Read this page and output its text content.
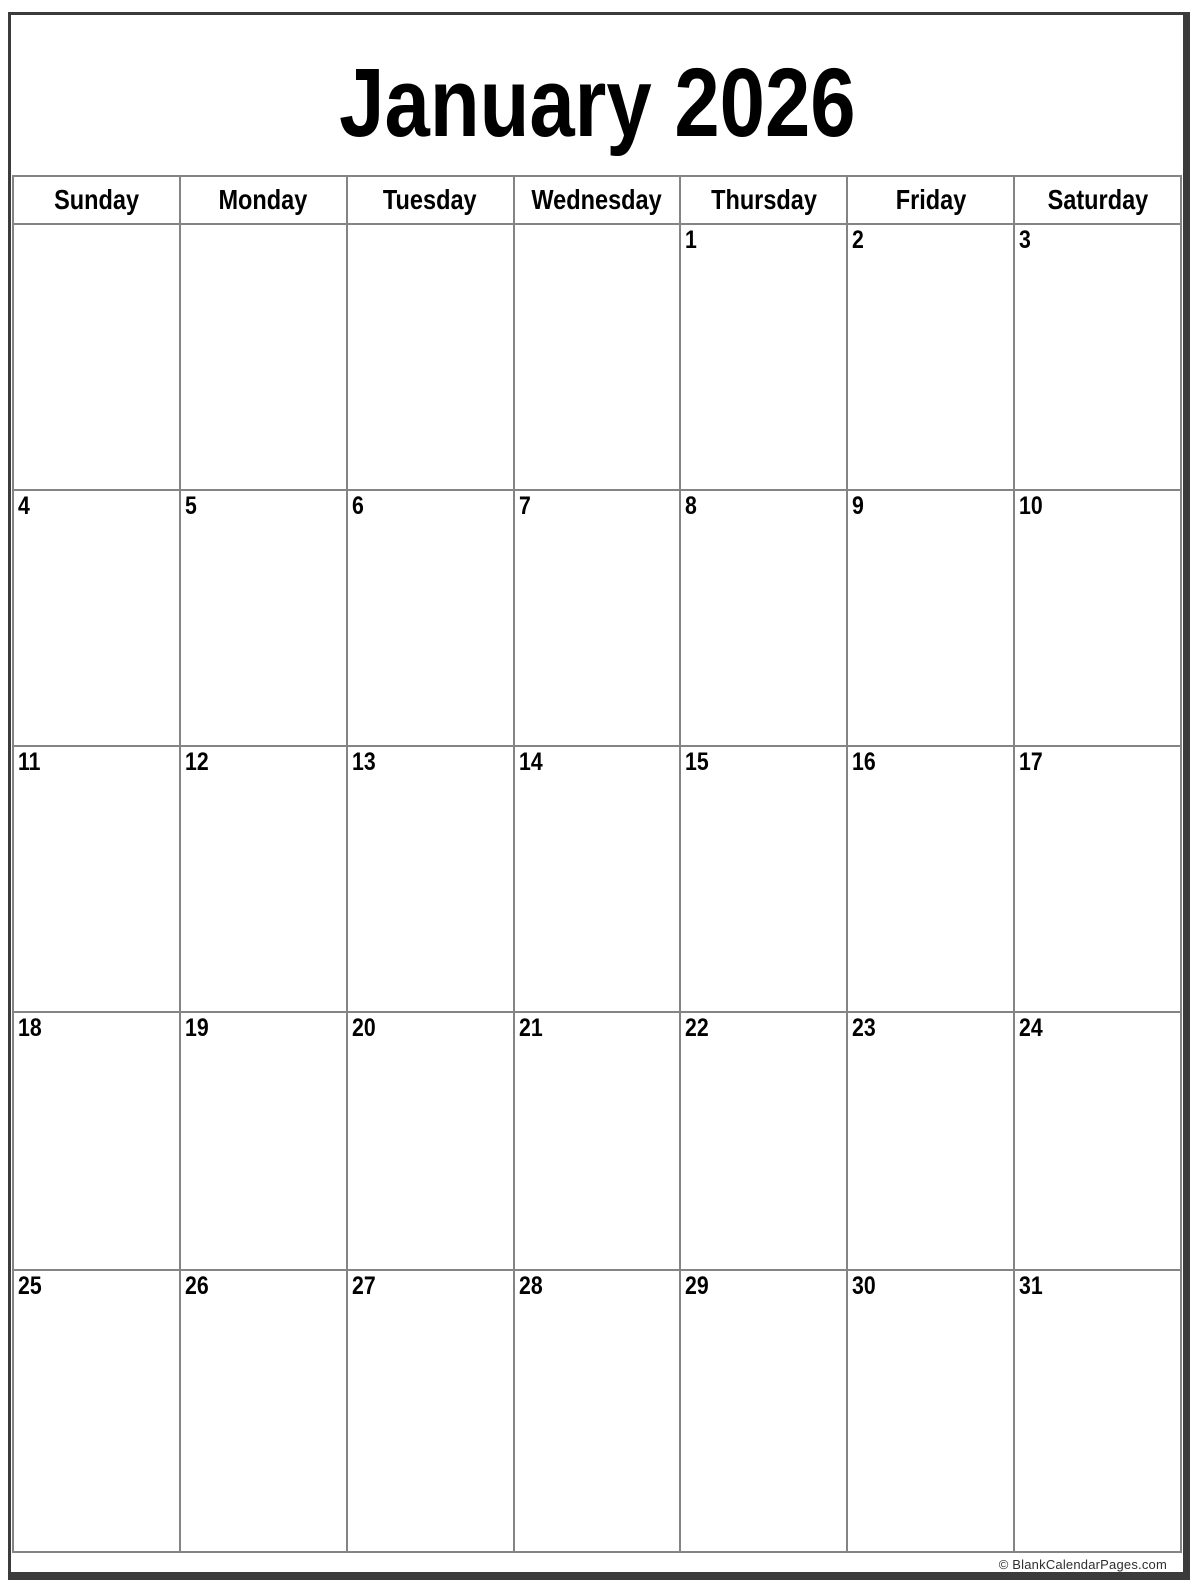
January 2026
Sunday	Monday	Tuesday	Wednesday	Thursday	Friday	Saturday

				1	2	3

4	5	6	7	8	9	10

11	12	13	14	15	16	17

18	19	20	21	22	23	24

25	26	27	28	29	30	31
© BlankCalendarPages.com
